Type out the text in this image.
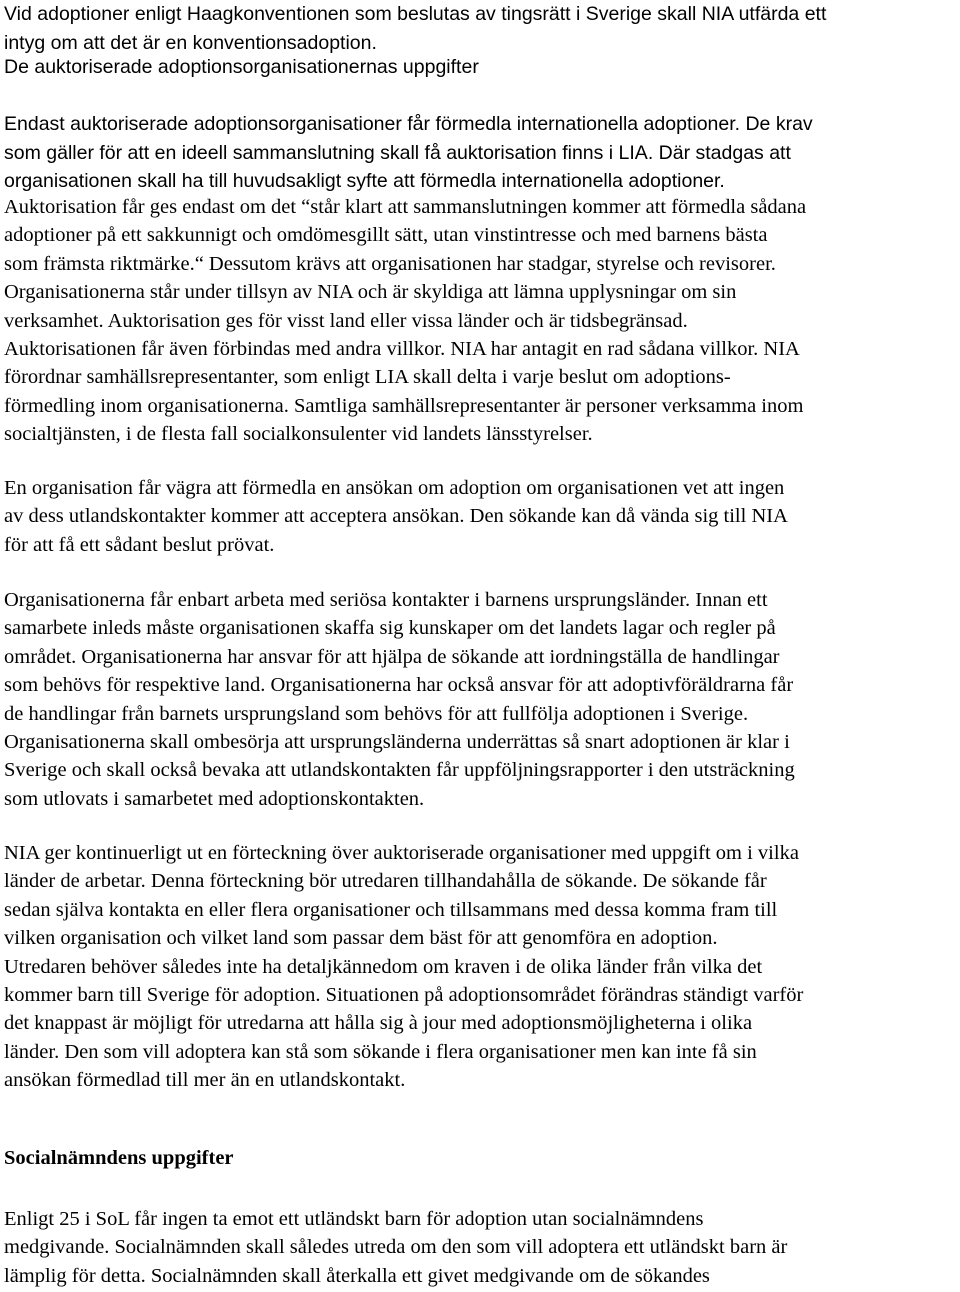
Vid adoptioner enligt Haagkonventionen som beslutas av tingsrätt i Sverige skall NIA utfärda ett
intyg om att det är en konventionsadoption.
De auktoriserade adoptionsorganisationernas uppgifter
Endast auktoriserade adoptionsorganisationer får förmedla internationella adoptioner. De krav
som gäller för att en ideell sammanslutning skall få auktorisation finns i LIA. Där stadgas att
organisationen skall ha till huvudsakligt syfte att förmedla internationella adoptioner.
Auktorisation får ges endast om det “står klart att sammanslutningen kommer att förmedla sådana
adoptioner på ett sakkunnigt och omdömesgillt sätt, utan vinstintresse och med barnens bästa
som främsta riktmärke.“ Dessutom krävs att organisationen har stadgar, styrelse och revisorer.
Organisationerna står under tillsyn av NIA och är skyldiga att lämna upplysningar om sin
verksamhet. Auktorisation ges för visst land eller vissa länder och är tidsbegränsad.
Auktorisationen får även förbindas med andra villkor. NIA har antagit en rad sådana villkor. NIA
förordnar samhällsrepresentanter, som enligt LIA skall delta i varje beslut om adoptions-
förmedling inom organisationerna. Samtliga samhällsrepresentanter är personer verksamma inom
socialtjänsten, i de flesta fall socialkonsulenter vid landets länsstyrelser.
En organisation får vägra att förmedla en ansökan om adoption om organisationen vet att ingen
av dess utlandskontakter kommer att acceptera ansökan. Den sökande kan då vända sig till NIA
för att få ett sådant beslut prövat.
Organisationerna får enbart arbeta med seriösa kontakter i barnens ursprungsländer. Innan ett
samarbete inleds måste organisationen skaffa sig kunskaper om det landets lagar och regler på
området. Organisationerna har ansvar för att hjälpa de sökande att iordningställa de handlingar
som behövs för respektive land. Organisationerna har också ansvar för att adoptivföräldrarna får
de handlingar från barnets ursprungsland som behövs för att fullfölja adoptionen i Sverige.
Organisationerna skall ombesörja att ursprungsländerna underrättas så snart adoptionen är klar i
Sverige och skall också bevaka att utlandskontakten får uppföljningsrapporter i den utsträckning
som utlovats i samarbetet med adoptionskontakten.
NIA ger kontinuerligt ut en förteckning över auktoriserade organisationer med uppgift om i vilka
länder de arbetar. Denna förteckning bör utredaren tillhandahålla de sökande. De sökande får
sedan själva kontakta en eller flera organisationer och tillsammans med dessa komma fram till
vilken organisation och vilket land som passar dem bäst för att genomföra en adoption.
Utredaren behöver således inte ha detaljkännedom om kraven i de olika länder från vilka det
kommer barn till Sverige för adoption. Situationen på adoptionsområdet förändras ständigt varför
det knappast är möjligt för utredarna att hålla sig à jour med adoptionsmöjligheterna i olika
länder. Den som vill adoptera kan stå som sökande i flera organisationer men kan inte få sin
ansökan förmedlad till mer än en utlandskontakt.
Socialnämndens uppgifter
Enligt 25 i SoL får ingen ta emot ett utländskt barn för adoption utan socialnämndens
medgivande. Socialnämnden skall således utreda om den som vill adoptera ett utländskt barn är
lämplig för detta. Socialnämnden skall återkalla ett givet medgivande om de sökandes
